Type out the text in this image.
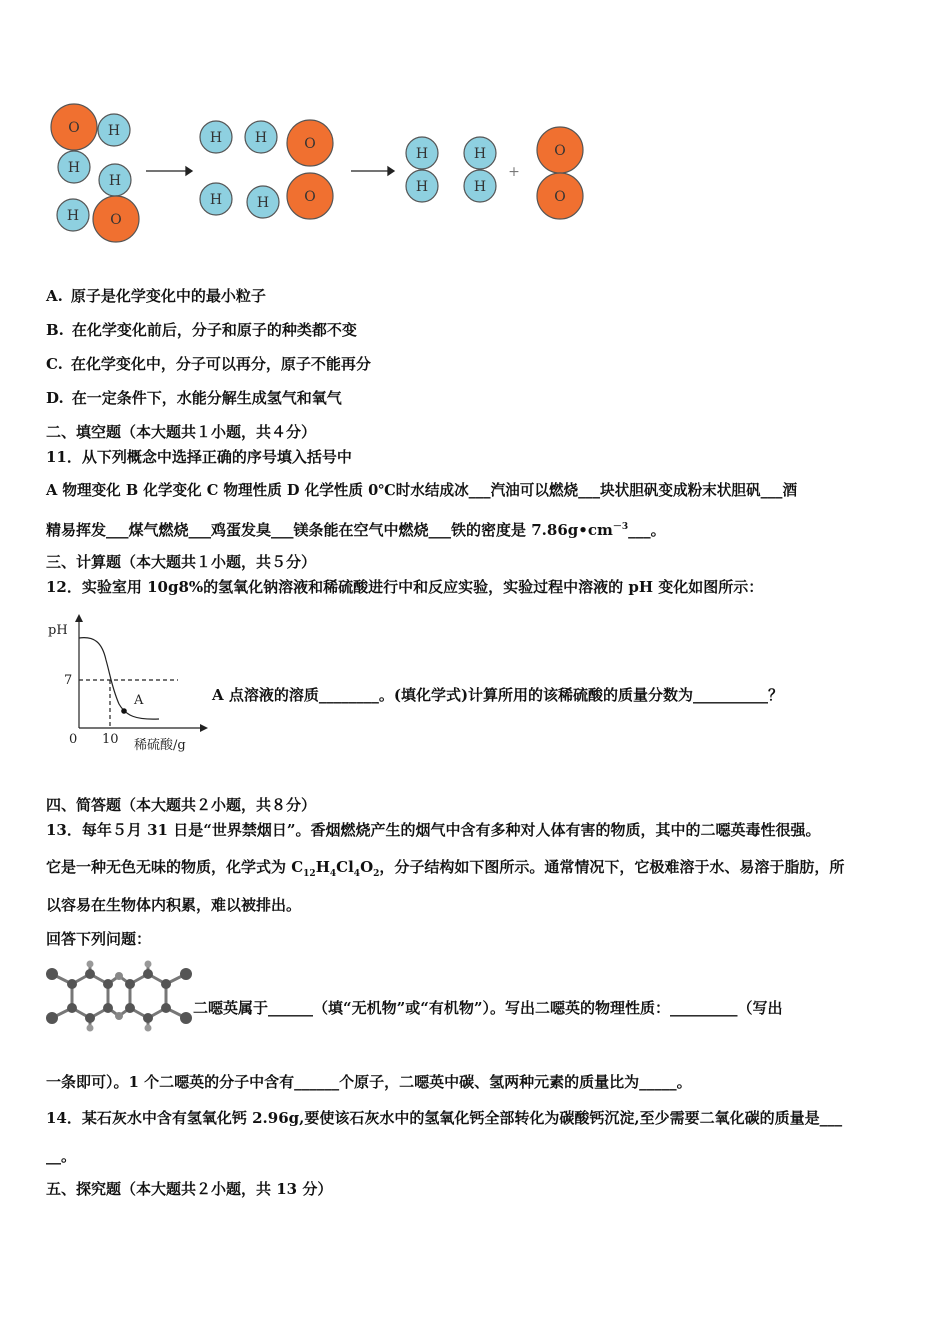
O H
H
H
H O
H H	O
H H	O
H
H
H
H
O
O
+
A. 原子是化学变化中的最小粒子
B. 在化学变化前后，分子和原子的种类都不变
C. 在化学变化中，分子可以再分，原子不能再分
D. 在一定条件下，水能分解生成氢气和氧气
二、填空题（本大题共１小题，共４分）
11．从下列概念中选择正确的序号填入括号中
A 物理变化 B 化学变化 C 物理性质 D 化学性质 0℃时水结成冰___汽油可以燃烧___块状胆矾变成粉末状胆矾___酒
精易挥发___煤气燃烧___鸡蛋发臭___镁条能在空气中燃烧___铁的密度是 $7.86g•cm^{-3}\_\_\_$。
三、计算题（本大题共１小题，共５分）
12．实验室用 10g8%的氢氧化钠溶液和稀硫酸进行中和反应实验，实验过程中溶液的 pH 变化如图所示：
pH
7
0 10 稀硫酸/g
A	A 点溶液的溶质________。(填化学式)计算所用的该稀硫酸的质量分数为__________？
四、简答题（本大题共２小题，共８分）
13．每年５月 31 日是“世界禁烟日”。香烟燃烧产生的烟气中含有多种对人体有害的物质，其中的二噁英毒性很强。
它是一种无色无味的物质，化学式为 $C_{12}H_4Cl_4O_2$，分子结构如下图所示。通常情况下，它极难溶于水、易溶于脂肪，所
以容易在生物体内积累，难以被排出。
回答下列问题：
二噁英属于______（填“无机物”或“有机物”）。写出二噁英的物理性质：_________（写出
一条即可）。1 个二噁英的分子中含有______个原子，二噁英中碳、氢两种元素的质量比为_____。
14．某石灰水中含有氢氧化钙 2.96g,要使该石灰水中的氢氧化钙全部转化为碳酸钙沉淀,至少需要二氧化碳的质量是___
__。
五、探究题（本大题共２小题，共 13 分）
